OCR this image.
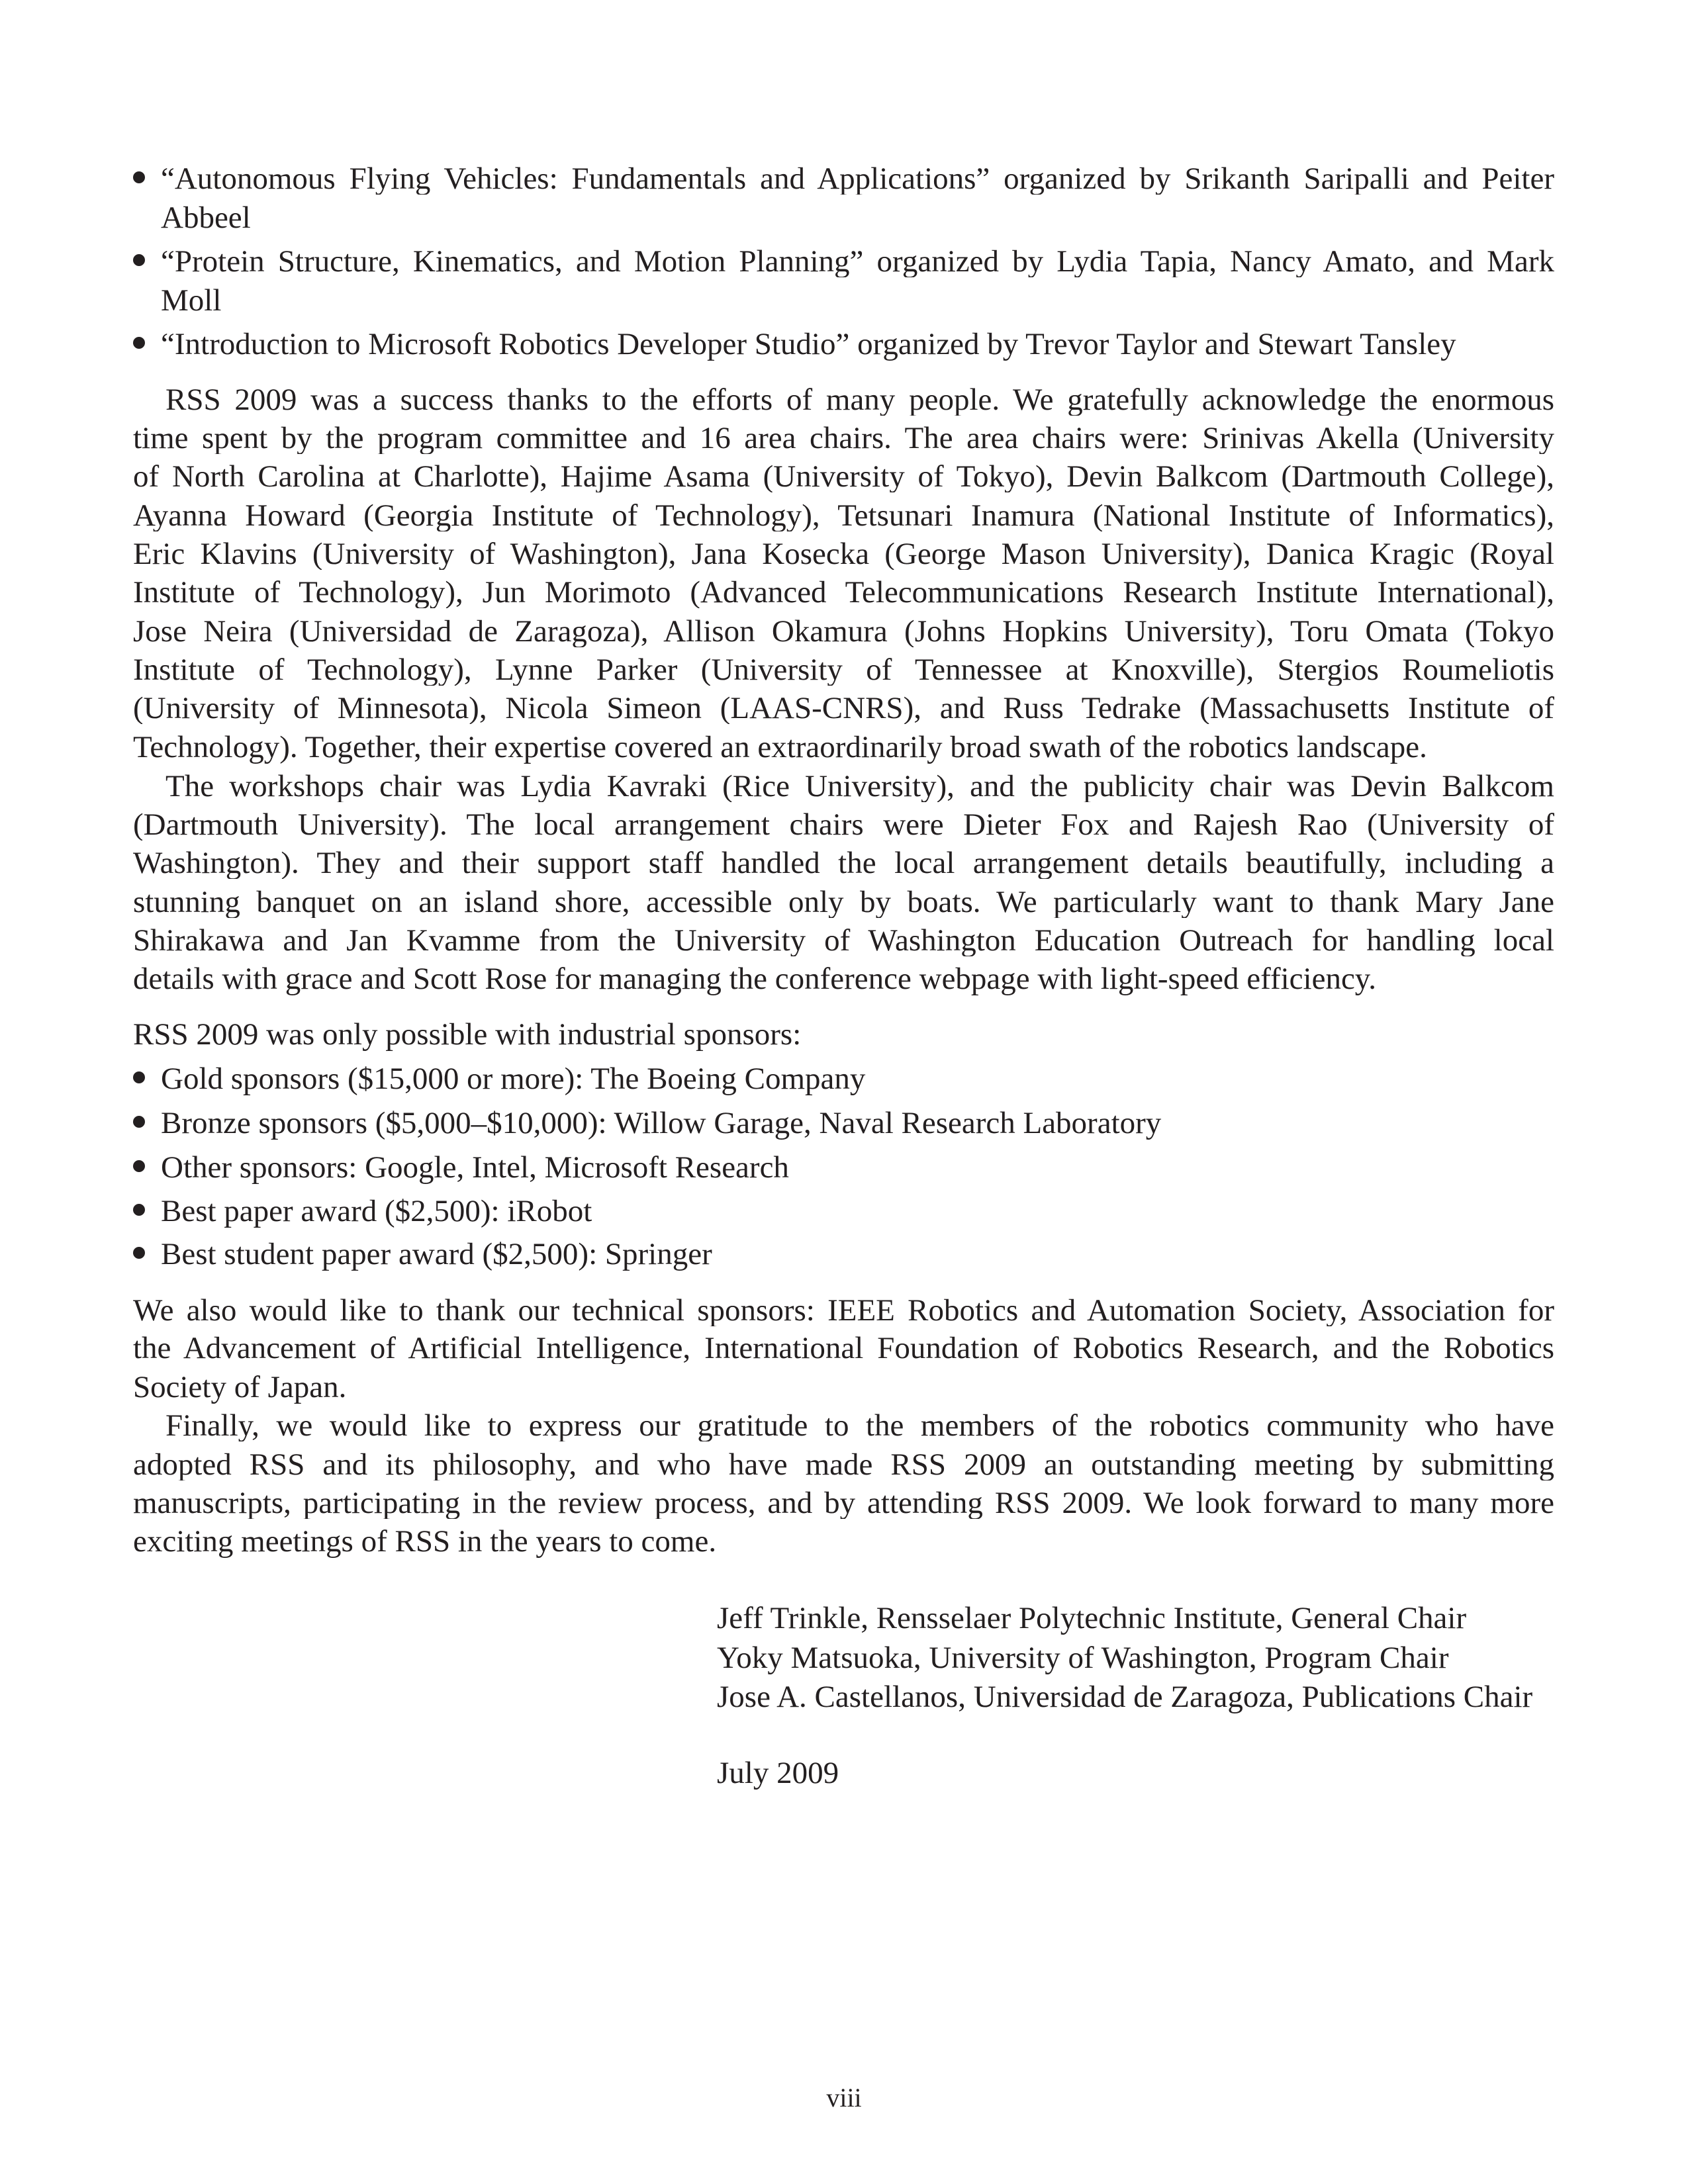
“Autonomous Flying Vehicles: Fundamentals and Applications” organized by Srikanth Saripalli and Peiter
Abbeel
“Protein Structure, Kinematics, and Motion Planning” organized by Lydia Tapia, Nancy Amato, and Mark
Moll
“Introduction to Microsoft Robotics Developer Studio” organized by Trevor Taylor and Stewart Tansley
RSS 2009 was a success thanks to the efforts of many people. We gratefully acknowledge the enormous
time spent by the program committee and 16 area chairs. The area chairs were: Srinivas Akella (University
of North Carolina at Charlotte), Hajime Asama (University of Tokyo), Devin Balkcom (Dartmouth College),
Ayanna Howard (Georgia Institute of Technology), Tetsunari Inamura (National Institute of Informatics),
Eric Klavins (University of Washington), Jana Kosecka (George Mason University), Danica Kragic (Royal
Institute of Technology), Jun Morimoto (Advanced Telecommunications Research Institute International),
Jose Neira (Universidad de Zaragoza), Allison Okamura (Johns Hopkins University), Toru Omata (Tokyo
Institute of Technology), Lynne Parker (University of Tennessee at Knoxville), Stergios Roumeliotis
(University of Minnesota), Nicola Simeon (LAAS-CNRS), and Russ Tedrake (Massachusetts Institute of
Technology). Together, their expertise covered an extraordinarily broad swath of the robotics landscape.
The workshops chair was Lydia Kavraki (Rice University), and the publicity chair was Devin Balkcom
(Dartmouth University). The local arrangement chairs were Dieter Fox and Rajesh Rao (University of
Washington). They and their support staff handled the local arrangement details beautifully, including a
stunning banquet on an island shore, accessible only by boats. We particularly want to thank Mary Jane
Shirakawa and Jan Kvamme from the University of Washington Education Outreach for handling local
details with grace and Scott Rose for managing the conference webpage with light-speed efficiency.
RSS 2009 was only possible with industrial sponsors:
Gold sponsors ($15,000 or more): The Boeing Company
Bronze sponsors ($5,000–$10,000): Willow Garage, Naval Research Laboratory
Other sponsors: Google, Intel, Microsoft Research
Best paper award ($2,500): iRobot
Best student paper award ($2,500): Springer
We also would like to thank our technical sponsors: IEEE Robotics and Automation Society, Association for
the Advancement of Artificial Intelligence, International Foundation of Robotics Research, and the Robotics
Society of Japan.
Finally, we would like to express our gratitude to the members of the robotics community who have
adopted RSS and its philosophy, and who have made RSS 2009 an outstanding meeting by submitting
manuscripts, participating in the review process, and by attending RSS 2009. We look forward to many more
exciting meetings of RSS in the years to come.
Jeff Trinkle, Rensselaer Polytechnic Institute, General Chair
Yoky Matsuoka, University of Washington, Program Chair
Jose A. Castellanos, Universidad de Zaragoza, Publications Chair
July 2009
viii
